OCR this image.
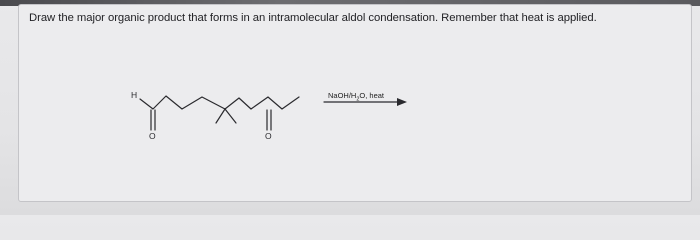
Draw the major organic product that forms in an intramolecular aldol condensation. Remember that heat is applied.
H
O	O
NaOH/$H_2O$, heat
